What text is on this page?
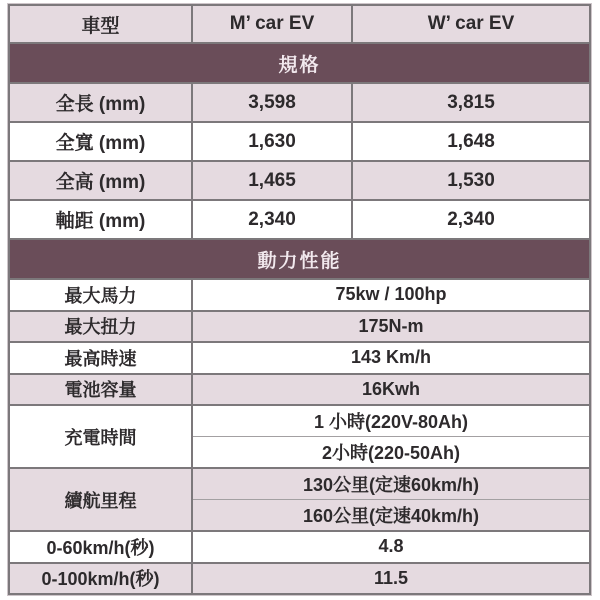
車型	M’ car EV	W’ car EV
規格		
全長 (mm)	3,598	3,815
全寬 (mm)	1,630	1,648
全高 (mm)	1,465	1,530
軸距 (mm)	2,340	2,340
動力性能		
最大馬力	75kw / 100hp	
最大扭力	175N-m	
最高時速	143 Km/h	
電池容量	16Kwh	
充電時間	1 小時(220V-80Ah)	
	2小時(220-50Ah)	
續航里程	130公里(定速60km/h)	
	160公里(定速40km/h)	
0-60km/h(秒)	4.8	
0-100km/h(秒)	11.5	
